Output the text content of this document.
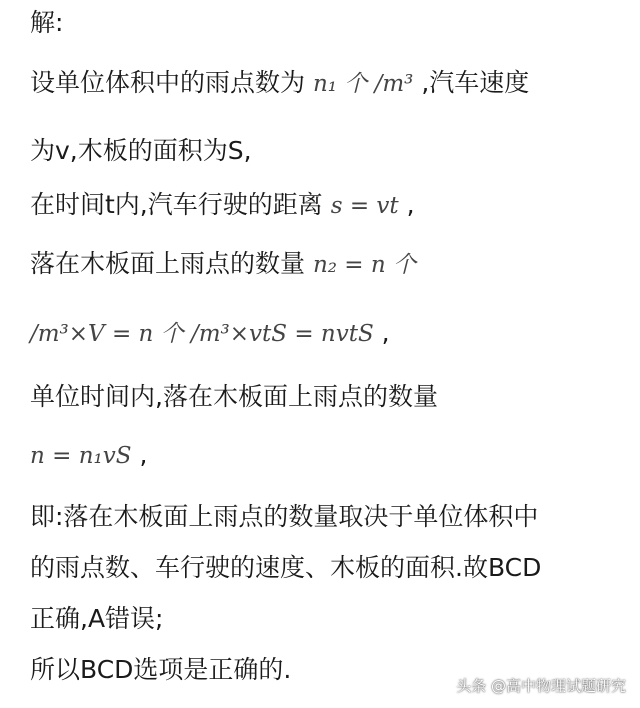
解:
设单位体积中的雨点数为 n₁ 个 /m³ ,汽车速度
为v,木板的面积为S,
在时间t内,汽车行驶的距离 s = vt ,
落在木板面上雨点的数量 n₂ = n 个
/m³×V = n 个 /m³×vtS = nvtS ,
单位时间内,落在木板面上雨点的数量
n = n₁vS ,
即:落在木板面上雨点的数量取决于单位体积中
的雨点数、车行驶的速度、木板的面积.故BCD
正确,A错误;
所以BCD选项是正确的.
头条 @高中物理试题研究
